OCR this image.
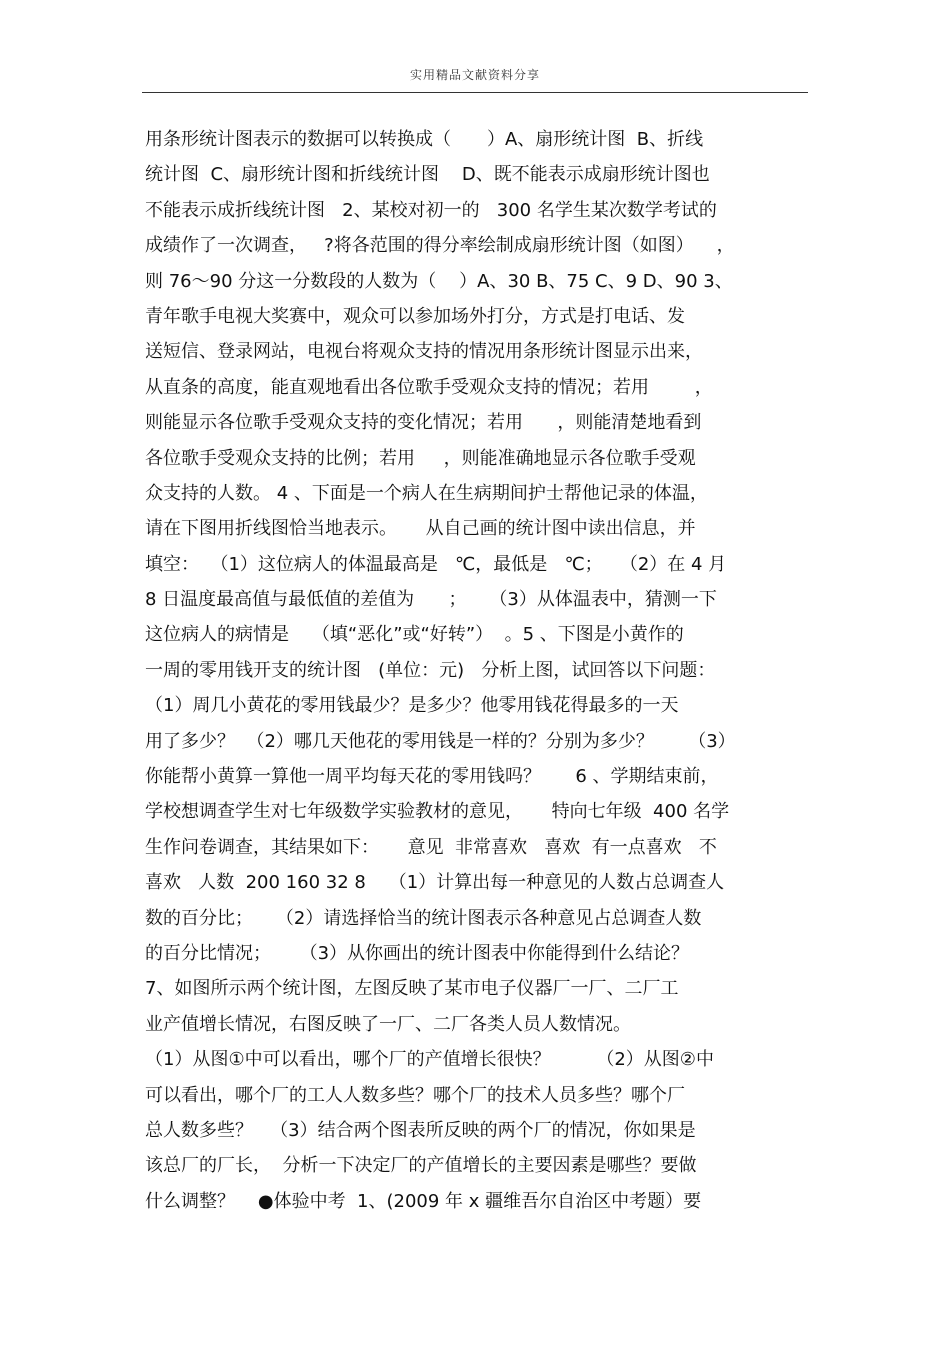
实用精品文献资料分享
用条形统计图表示的数据可以转换成（　　）A、扇形统计图  B、折线
统计图  C、扇形统计图和折线统计图    D、既不能表示成扇形统计图也
不能表示成折线统计图   2、某校对初一的   300 名学生某次数学考试的
成绩作了一次调查，   ?将各范围的得分率绘制成扇形统计图（如图）    ，
则 76～90 分这一分数段的人数为（    ）A、30 B、75 C、9 D、90 3、
青年歌手电视大奖赛中，观众可以参加场外打分，方式是打电话、发
送短信、登录网站，电视台将观众支持的情况用条形统计图显示出来，
从直条的高度，能直观地看出各位歌手受观众支持的情况；若用        ，
则能显示各位歌手受观众支持的变化情况；若用      ，则能清楚地看到
各位歌手受观众支持的比例；若用     ，则能准确地显示各位歌手受观
众支持的人数。 4 、下面是一个病人在生病期间护士帮他记录的体温，
请在下图用折线图恰当地表示。     从自己画的统计图中读出信息，并
填空：  （1）这位病人的体温最高是   ℃，最低是   ℃；   （2）在 4 月
8 日温度最高值与最低值的差值为      ；    （3）从体温表中，猜测一下
这位病人的病情是    （填“恶化”或“好转”）  。5 、下图是小黄作的
一周的零用钱开支的统计图   (单位：元)   分析上图，试回答以下问题：
（1）周几小黄花的零用钱最少？是多少？他零用钱花得最多的一天
用了多少？  （2）哪几天他花的零用钱是一样的？分别为多少？      （3）
你能帮小黄算一算他一周平均每天花的零用钱吗？      6 、学期结束前，
学校想调查学生对七年级数学实验教材的意见，     特向七年级  400 名学
生作问卷调查，其结果如下：     意见  非常喜欢   喜欢  有一点喜欢   不
喜欢   人数  200 160 32 8    （1）计算出每一种意见的人数占总调查人
数的百分比；    （2）请选择恰当的统计图表示各种意见占总调查人数
的百分比情况；     （3）从你画出的统计图表中你能得到什么结论？
7、如图所示两个统计图，左图反映了某市电子仪器厂一厂、二厂工
业产值增长情况，右图反映了一厂、二厂各类人员人数情况。
（1）从图①中可以看出，哪个厂的产值增长很快？        （2）从图②中
可以看出，哪个厂的工人人数多些？哪个厂的技术人员多些？哪个厂
总人数多些？   （3）结合两个图表所反映的两个厂的情况，你如果是
该总厂的厂长，  分析一下决定厂的产值增长的主要因素是哪些？要做
什么调整？    ●体验中考  1、(2009 年 x 疆维吾尔自治区中考题）要
